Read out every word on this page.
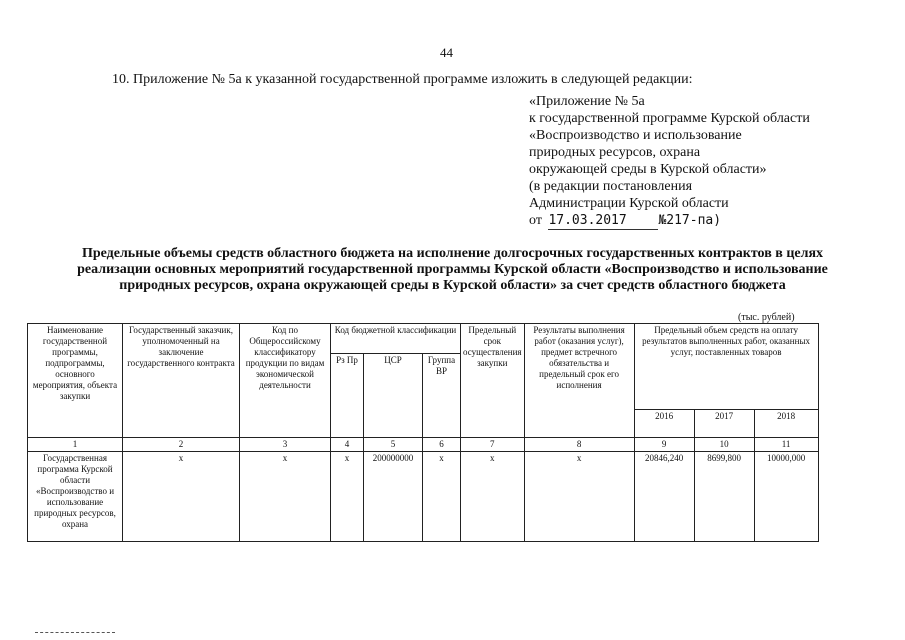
44
10. Приложение № 5а к указанной государственной программе изложить в следующей редакции:
«Приложение № 5а
к государственной программе Курской области
«Воспроизводство и использование
природных ресурсов, охрана
окружающей среды в Курской области»
(в редакции постановления
Администрации Курской области
от 17.03.2017 №217-па)
Предельные объемы средств областного бюджета на исполнение долгосрочных государственных контрактов в целях реализации основных мероприятий государственной программы Курской области «Воспроизводство и использование природных ресурсов, охрана окружающей среды в Курской области» за счет средств областного бюджета
(тыс. рублей)
Наименование государственной программы, подпрограммы, основного мероприятия, объекта закупки	Государственный заказчик, уполномоченный на заключение государственного контракта	Код по Общероссийскому классификатору продукции по видам экономической деятельности	Код бюджетной классификации			Предельный срок осуществления закупки	Результаты выполнения работ (оказания услуг), предмет встречного обязательства и предельный срок его исполнения	Предельный объем средств на оплату результатов выполненных работ, оказанных услуг, поставленных товаров		
			Рз Пр	ЦСР	Группа ВР					
								2016	2017	2018
1	2	3	4	5	6	7	8	9	10	11
Государственная программа Курской области «Воспроизводство и использование природных ресурсов, охрана	х	х	х	200000000	х	х	х	20846,240	8699,800	10000,000
